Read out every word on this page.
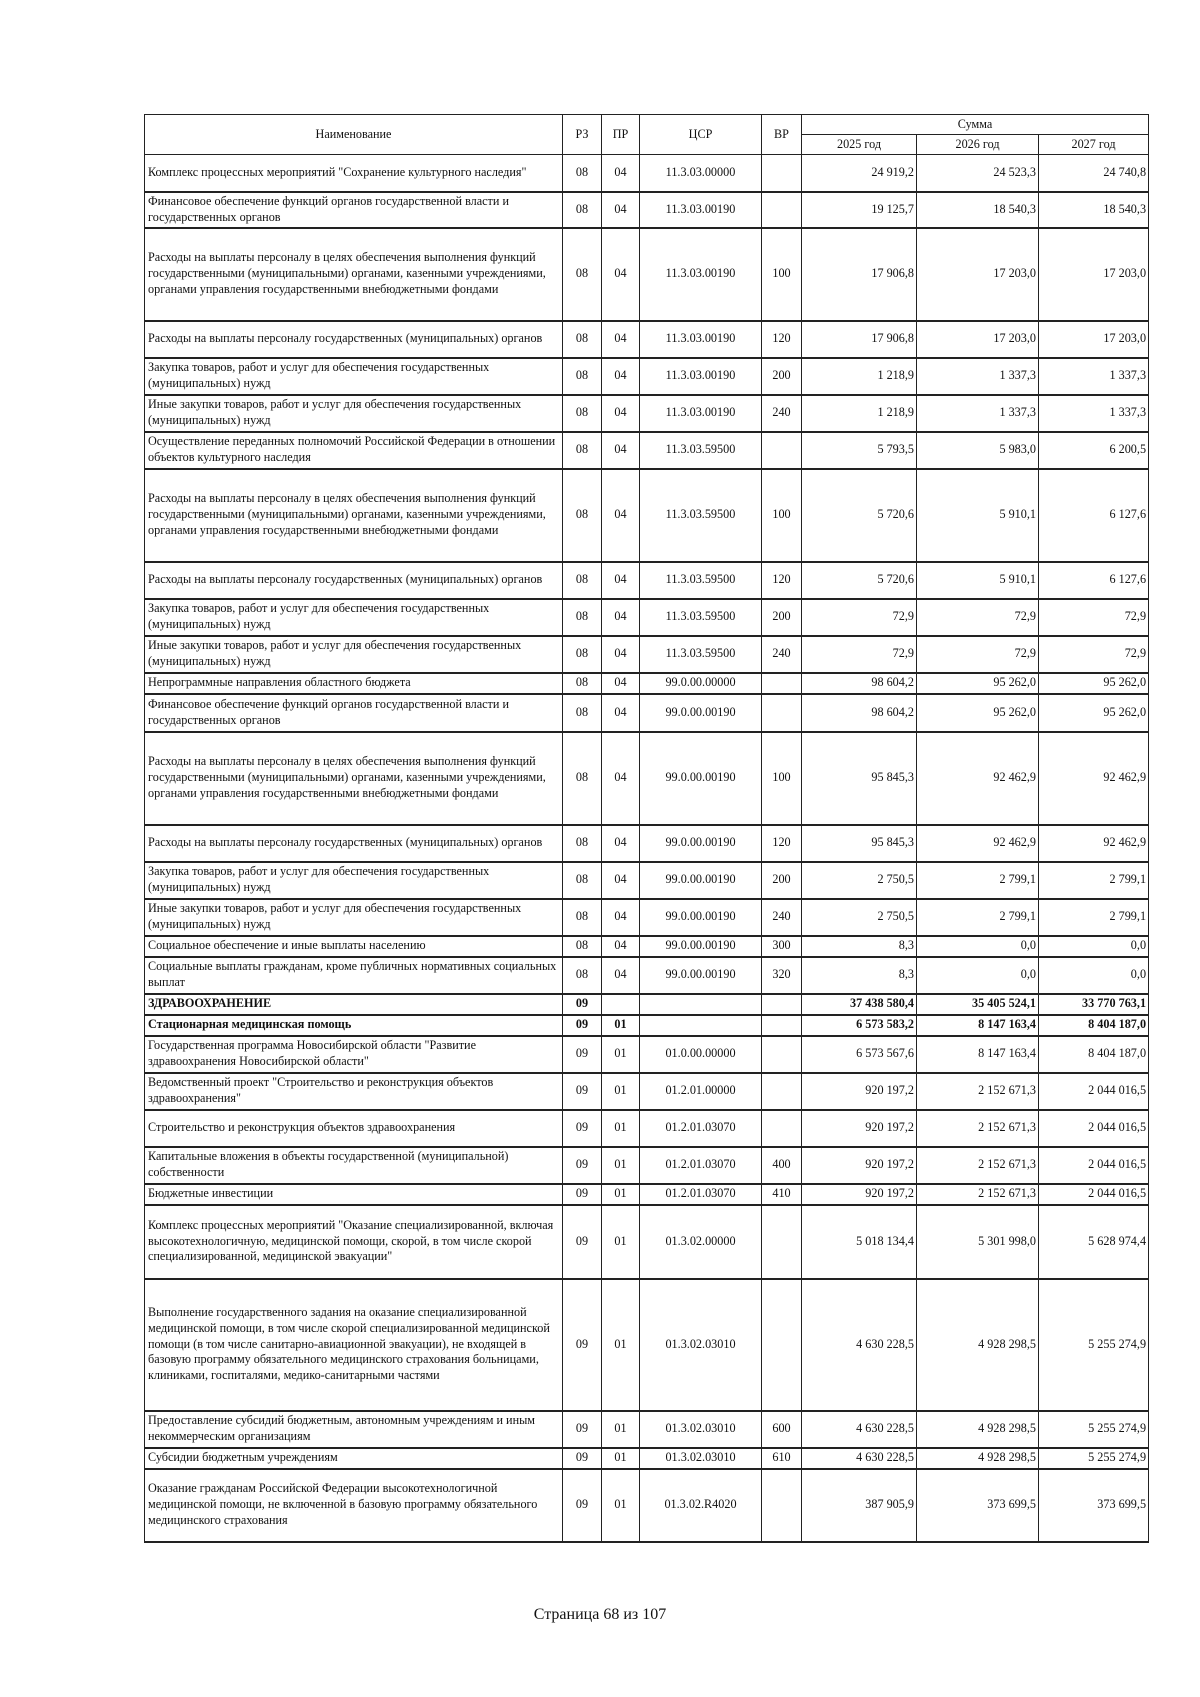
Наименование	РЗ	ПР	ЦСР	ВР	Сумма		
					2025 год	2026 год	2027 год
Комплекс процессных мероприятий "Сохранение культурного наследия"	08	04	11.3.03.00000		24 919,2	24 523,3	24 740,8
Финансовое обеспечение функций органов государственной власти и государственных органов	08	04	11.3.03.00190		19 125,7	18 540,3	18 540,3
Расходы на выплаты персоналу в целях обеспечения выполнения функций государственными (муниципальными) органами, казенными учреждениями, органами управления государственными внебюджетными фондами	08	04	11.3.03.00190	100	17 906,8	17 203,0	17 203,0
Расходы на выплаты персоналу государственных (муниципальных) органов	08	04	11.3.03.00190	120	17 906,8	17 203,0	17 203,0
Закупка товаров, работ и услуг для обеспечения государственных (муниципальных) нужд	08	04	11.3.03.00190	200	1 218,9	1 337,3	1 337,3
Иные закупки товаров, работ и услуг для обеспечения государственных (муниципальных) нужд	08	04	11.3.03.00190	240	1 218,9	1 337,3	1 337,3
Осуществление переданных полномочий Российской Федерации в отношении объектов культурного наследия	08	04	11.3.03.59500		5 793,5	5 983,0	6 200,5
Расходы на выплаты персоналу в целях обеспечения выполнения функций государственными (муниципальными) органами, казенными учреждениями, органами управления государственными внебюджетными фондами	08	04	11.3.03.59500	100	5 720,6	5 910,1	6 127,6
Расходы на выплаты персоналу государственных (муниципальных) органов	08	04	11.3.03.59500	120	5 720,6	5 910,1	6 127,6
Закупка товаров, работ и услуг для обеспечения государственных (муниципальных) нужд	08	04	11.3.03.59500	200	72,9	72,9	72,9
Иные закупки товаров, работ и услуг для обеспечения государственных (муниципальных) нужд	08	04	11.3.03.59500	240	72,9	72,9	72,9
Непрограммные направления областного бюджета	08	04	99.0.00.00000		98 604,2	95 262,0	95 262,0
Финансовое обеспечение функций органов государственной власти и государственных органов	08	04	99.0.00.00190		98 604,2	95 262,0	95 262,0
Расходы на выплаты персоналу в целях обеспечения выполнения функций государственными (муниципальными) органами, казенными учреждениями, органами управления государственными внебюджетными фондами	08	04	99.0.00.00190	100	95 845,3	92 462,9	92 462,9
Расходы на выплаты персоналу государственных (муниципальных) органов	08	04	99.0.00.00190	120	95 845,3	92 462,9	92 462,9
Закупка товаров, работ и услуг для обеспечения государственных (муниципальных) нужд	08	04	99.0.00.00190	200	2 750,5	2 799,1	2 799,1
Иные закупки товаров, работ и услуг для обеспечения государственных (муниципальных) нужд	08	04	99.0.00.00190	240	2 750,5	2 799,1	2 799,1
Социальное обеспечение и иные выплаты населению	08	04	99.0.00.00190	300	8,3	0,0	0,0
Социальные выплаты гражданам, кроме публичных нормативных социальных выплат	08	04	99.0.00.00190	320	8,3	0,0	0,0
ЗДРАВООХРАНЕНИЕ	09				37 438 580,4	35 405 524,1	33 770 763,1
Стационарная медицинская помощь	09	01			6 573 583,2	8 147 163,4	8 404 187,0
Государственная программа Новосибирской области "Развитие здравоохранения Новосибирской области"	09	01	01.0.00.00000		6 573 567,6	8 147 163,4	8 404 187,0
Ведомственный проект "Строительство и реконструкция объектов здравоохранения"	09	01	01.2.01.00000		920 197,2	2 152 671,3	2 044 016,5
Строительство и реконструкция объектов здравоохранения	09	01	01.2.01.03070		920 197,2	2 152 671,3	2 044 016,5
Капитальные вложения в объекты государственной (муниципальной) собственности	09	01	01.2.01.03070	400	920 197,2	2 152 671,3	2 044 016,5
Бюджетные инвестиции	09	01	01.2.01.03070	410	920 197,2	2 152 671,3	2 044 016,5
Комплекс процессных мероприятий "Оказание специализированной, включая высокотехнологичную, медицинской помощи, скорой, в том числе скорой специализированной, медицинской эвакуации"	09	01	01.3.02.00000		5 018 134,4	5 301 998,0	5 628 974,4
Выполнение государственного задания на оказание специализированной медицинской помощи, в том числе скорой специализированной медицинской помощи (в том числе санитарно-авиационной эвакуации), не входящей в базовую программу обязательного медицинского страхования больницами, клиниками, госпиталями, медико-санитарными частями	09	01	01.3.02.03010		4 630 228,5	4 928 298,5	5 255 274,9
Предоставление субсидий бюджетным, автономным учреждениям и иным некоммерческим организациям	09	01	01.3.02.03010	600	4 630 228,5	4 928 298,5	5 255 274,9
Субсидии бюджетным учреждениям	09	01	01.3.02.03010	610	4 630 228,5	4 928 298,5	5 255 274,9
Оказание гражданам Российской Федерации высокотехнологичной медицинской помощи, не включенной в базовую программу обязательного медицинского страхования	09	01	01.3.02.R4020		387 905,9	373 699,5	373 699,5
Страница 68 из 107
